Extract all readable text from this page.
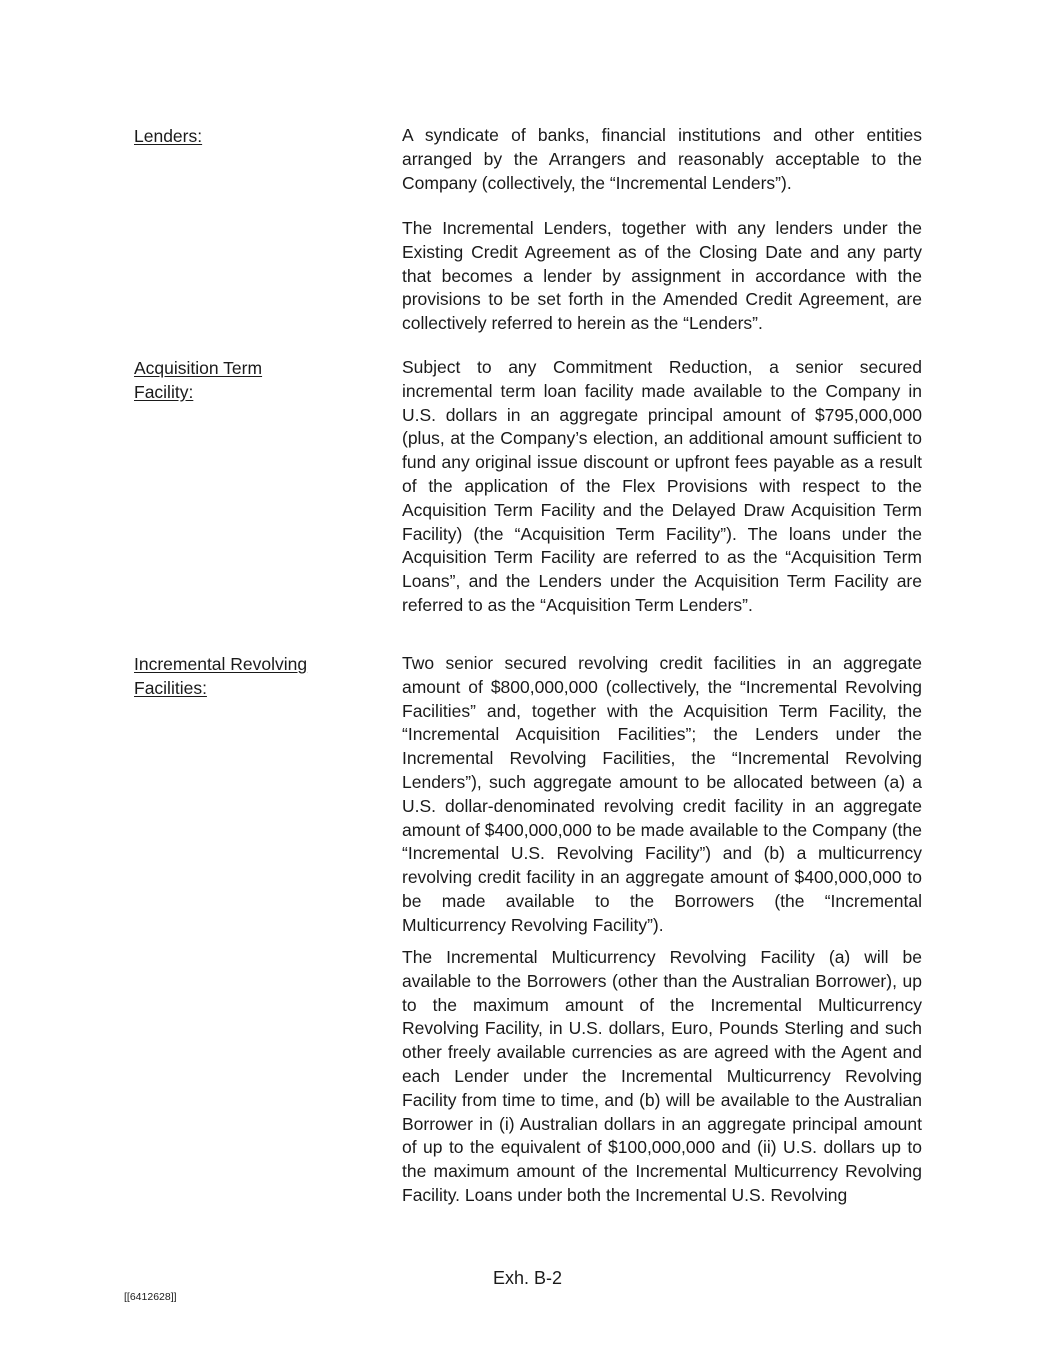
Lenders:	A syndicate of banks, financial institutions and other entities arranged by the Arrangers and reasonably acceptable to the Company (collectively, the “Incremental Lenders”).

The Incremental Lenders, together with any lenders under the Existing Credit Agreement as of the Closing Date and any party that becomes a lender by assignment in accordance with the provisions to be set forth in the Amended Credit Agreement, are collectively referred to herein as the “Lenders”.

Acquisition Term Facility:

Subject to any Commitment Reduction, a senior secured incremental term loan facility made available to the Company in U.S. dollars in an aggregate principal amount of $795,000,000 (plus, at the Company’s election, an additional amount sufficient to fund any original issue discount or upfront fees payable as a result of the application of the Flex Provisions with respect to the Acquisition Term Facility and the Delayed Draw Acquisition Term Facility) (the “Acquisition Term Facility”). The loans under the Acquisition Term Facility are referred to as the “Acquisition Term Loans”, and the Lenders under the Acquisition Term Facility are referred to as the “Acquisition Term Lenders”.

Incremental Revolving Facilities:

Two senior secured revolving credit facilities in an aggregate amount of $800,000,000 (collectively, the “Incremental Revolving Facilities” and, together with the Acquisition Term Facility, the “Incremental Acquisition Facilities”; the Lenders under the Incremental Revolving Facilities, the “Incremental Revolving Lenders”), such aggregate amount to be allocated between (a) a U.S. dollar-denominated revolving credit facility in an aggregate amount of $400,000,000 to be made available to the Company (the “Incremental U.S. Revolving Facility”) and (b) a multicurrency revolving credit facility in an aggregate amount of $400,000,000 to be made available to the Borrowers (the “Incremental Multicurrency Revolving Facility”).

The Incremental Multicurrency Revolving Facility (a) will be available to the Borrowers (other than the Australian Borrower), up to the maximum amount of the Incremental Multicurrency Revolving Facility, in U.S. dollars, Euro, Pounds Sterling and such other freely available currencies as are agreed with the Agent and each Lender under the Incremental Multicurrency Revolving Facility from time to time, and (b) will be available to the Australian Borrower in (i) Australian dollars in an aggregate principal amount of up to the equivalent of $100,000,000 and (ii) U.S. dollars up to the maximum amount of the Incremental Multicurrency Revolving Facility. Loans under both the Incremental U.S. Revolving

Exh. B-2
[[6412628]]
